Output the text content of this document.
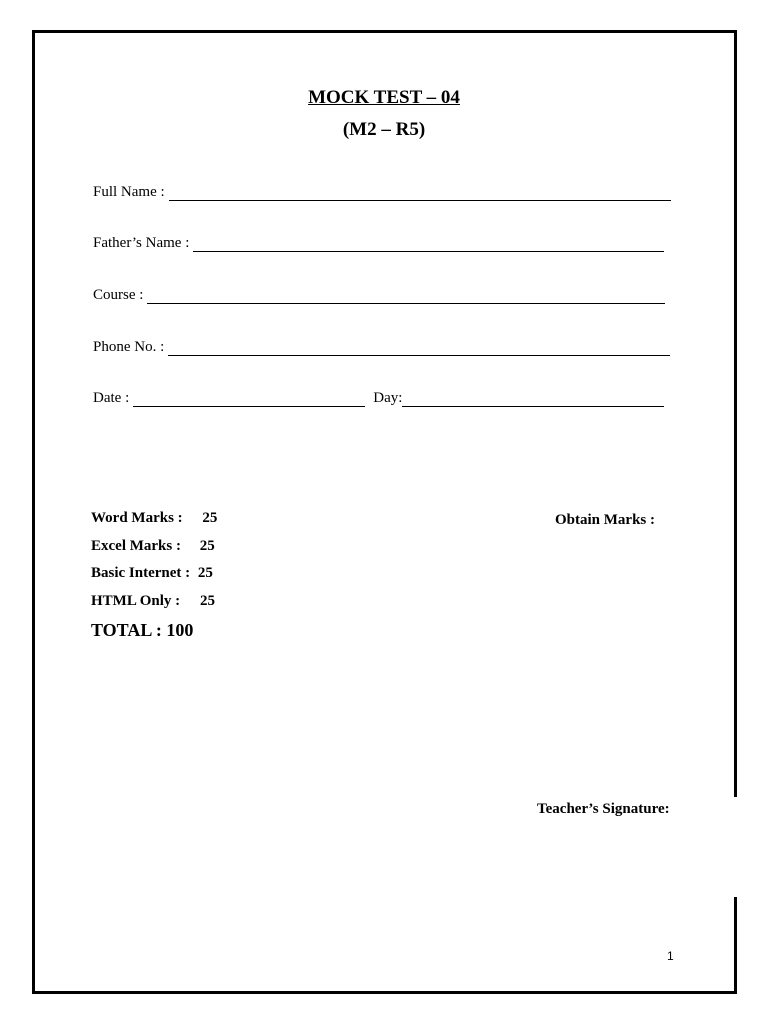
MOCK TEST – 04
(M2 – R5)
Full Name :
Father’s Name :
Course :
Phone No. :
Date :	Day:
Word Marks : 25
Excel Marks : 25
Basic Internet : 25
HTML Only : 25
TOTAL : 100
Obtain Marks :
Teacher’s Signature:
1
